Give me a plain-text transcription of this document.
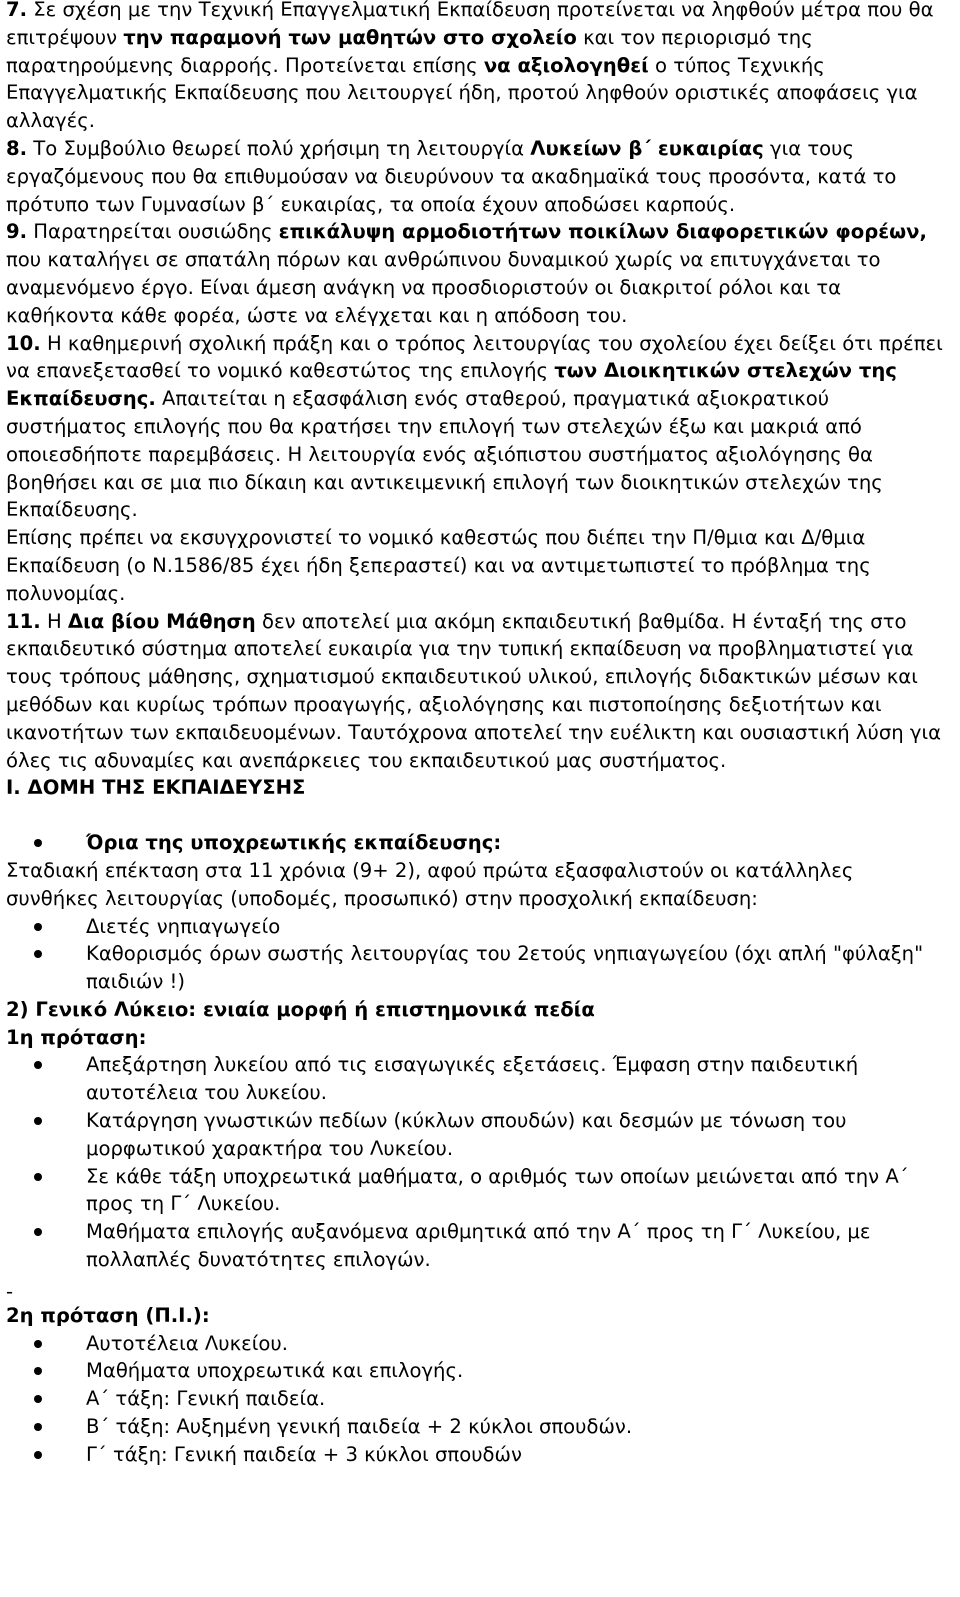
7. Σε σχέση με την Τεχνική Επαγγελματική Εκπαίδευση προτείνεται να ληφθούν μέτρα που θα επιτρέψουν την παραμονή των μαθητών στο σχολείο και τον περιορισμό της παρατηρούμενης διαρροής. Προτείνεται επίσης να αξιολογηθεί ο τύπος Τεχνικής Επαγγελματικής Εκπαίδευσης που λειτουργεί ήδη, προτού ληφθούν οριστικές αποφάσεις για αλλαγές.

8. Το Συμβούλιο θεωρεί πολύ χρήσιμη τη λειτουργία Λυκείων β΄ ευκαιρίας για τους εργαζόμενους που θα επιθυμούσαν να διευρύνουν τα ακαδημαϊκά τους προσόντα, κατά το πρότυπο των Γυμνασίων β΄ ευκαιρίας, τα οποία έχουν αποδώσει καρπούς.

9. Παρατηρείται ουσιώδης επικάλυψη αρμοδιοτήτων ποικίλων διαφορετικών φορέων, που καταλήγει σε σπατάλη πόρων και ανθρώπινου δυναμικού χωρίς να επιτυγχάνεται το αναμενόμενο έργο. Είναι άμεση ανάγκη να προσδιοριστούν οι διακριτοί ρόλοι και τα καθήκοντα κάθε φορέα, ώστε να ελέγχεται και η απόδοση του.

10. Η καθημερινή σχολική πράξη και ο τρόπος λειτουργίας του σχολείου έχει δείξει ότι πρέπει να επανεξετασθεί το νομικό καθεστώτος της επιλογής των Διοικητικών στελεχών της Εκπαίδευσης. Απαιτείται η εξασφάλιση ενός σταθερού, πραγματικά αξιοκρατικού συστήματος επιλογής που θα κρατήσει την επιλογή των στελεχών έξω και μακριά από οποιεσδήποτε παρεμβάσεις. Η λειτουργία ενός αξιόπιστου συστήματος αξιολόγησης θα βοηθήσει και σε μια πιο δίκαιη και αντικειμενική επιλογή των διοικητικών στελεχών της Εκπαίδευσης.

Επίσης πρέπει να εκσυγχρονιστεί το νομικό καθεστώς που διέπει την Π/θμια και Δ/θμια Εκπαίδευση (ο Ν.1586/85 έχει ήδη ξεπεραστεί) και να αντιμετωπιστεί το πρόβλημα της πολυνομίας.

11. Η Δια βίου Μάθηση δεν αποτελεί μια ακόμη εκπαιδευτική βαθμίδα. Η ένταξή της στο εκπαιδευτικό σύστημα αποτελεί ευκαιρία για την τυπική εκπαίδευση να προβληματιστεί για τους τρόπους μάθησης, σχηματισμού εκπαιδευτικού υλικού, επιλογής διδακτικών μέσων και μεθόδων και κυρίως τρόπων προαγωγής, αξιολόγησης και πιστοποίησης δεξιοτήτων και ικανοτήτων των εκπαιδευομένων. Ταυτόχρονα αποτελεί την ευέλικτη και ουσιαστική λύση για όλες τις αδυναμίες και ανεπάρκειες του εκπαιδευτικού μας συστήματος.

Ι. ΔΟΜΗ ΤΗΣ ΕΚΠΑΙΔΕΥΣΗΣ

Όρια της υποχρεωτικής εκπαίδευσης:

Σταδιακή επέκταση στα 11 χρόνια (9+ 2), αφού πρώτα εξασφαλιστούν οι κατάλληλες συνθήκες λειτουργίας (υποδομές, προσωπικό) στην προσχολική εκπαίδευση:

Διετές νηπιαγωγείο
Καθορισμός όρων σωστής λειτουργίας του 2ετούς νηπιαγωγείου (όχι απλή "φύλαξη" παιδιών !)

2) Γενικό Λύκειο: ενιαία μορφή ή επιστημονικά πεδία

1η πρόταση:

Απεξάρτηση λυκείου από τις εισαγωγικές εξετάσεις. Έμφαση στην παιδευτική αυτοτέλεια του λυκείου.
Κατάργηση γνωστικών πεδίων (κύκλων σπουδών) και δεσμών με τόνωση του μορφωτικού χαρακτήρα του Λυκείου.
Σε κάθε τάξη υποχρεωτικά μαθήματα, ο αριθμός των οποίων μειώνεται από την Α΄ προς τη Γ΄ Λυκείου.
Μαθήματα επιλογής αυξανόμενα αριθμητικά από την Α΄ προς τη Γ΄ Λυκείου, με πολλαπλές δυνατότητες επιλογών.

-

2η πρόταση (Π.Ι.):

Αυτοτέλεια Λυκείου.
Μαθήματα υποχρεωτικά και επιλογής.
Α΄ τάξη: Γενική παιδεία.
Β΄ τάξη: Αυξημένη γενική παιδεία + 2 κύκλοι σπουδών.
Γ΄ τάξη: Γενική παιδεία + 3 κύκλοι σπουδών
